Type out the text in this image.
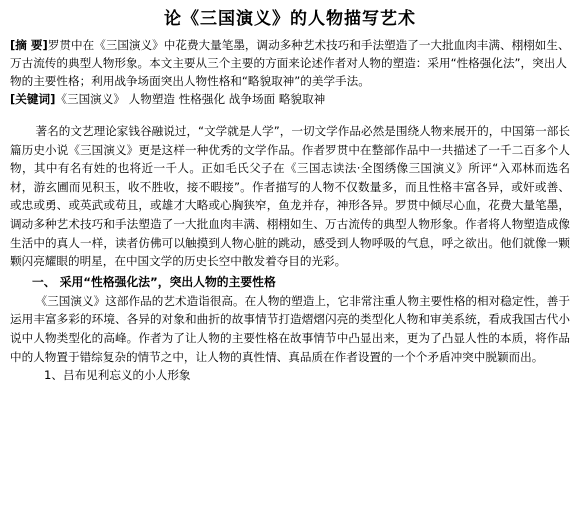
论《三国演义》的人物描写艺术

[摘 要]罗贯中在《三国演义》中花费大量笔墨，调动多种艺术技巧和手法塑造了一大批血肉丰满、栩栩如生、万古流传的典型人物形象。本文主要从三个主要的方面来论述作者对人物的塑造：采用“性格强化法”，突出人物的主要性格；利用战争场面突出人物性格和“略貌取神”的美学手法。

[关键词]《三国演义》 人物塑造 性格强化 战争场面 略貌取神

著名的文艺理论家钱谷融说过，“文学就是人学”，一切文学作品必然是围绕人物来展开的，中国第一部长篇历史小说《三国演义》更是这样一种优秀的文学作品。作者罗贯中在整部作品中一共描述了一千二百多个人物，其中有名有姓的也将近一千人。正如毛氏父子在《三国志读法·全图绣像三国演义》所评“入邓林而选名材，游玄圃而见积玉，收不胜收，接不暇接”。作者描写的人物不仅数量多，而且性格丰富各异，或奸或善、或忠或勇、或英武或苟且，或雄才大略或心胸狭窄，鱼龙并存，神形各异。罗贯中倾尽心血，花费大量笔墨，调动多种艺术技巧和手法塑造了一大批血肉丰满、栩栩如生、万古流传的典型人物形象。作者将人物塑造成像生活中的真人一样，读者仿佛可以触摸到人物心脏的跳动，感受到人物呼吸的气息，呼之欲出。他们就像一颗颗闪亮耀眼的明星，在中国文学的历史长空中散发着夺目的光彩。

一、 采用“性格强化法”，突出人物的主要性格

《三国演义》这部作品的艺术造诣很高。在人物的塑造上，它非常注重人物主要性格的相对稳定性，善于运用丰富多彩的环境、各异的对象和曲折的故事情节打造熠熠闪亮的类型化人物和审美系统，看成我国古代小说中人物类型化的高峰。作者为了让人物的主要性格在故事情节中凸显出来，更为了凸显人性的本质，将作品中的人物置于错综复杂的情节之中，让人物的真性情、真品质在作者设置的一个个矛盾冲突中脱颖而出。

1、吕布见利忘义的小人形象
